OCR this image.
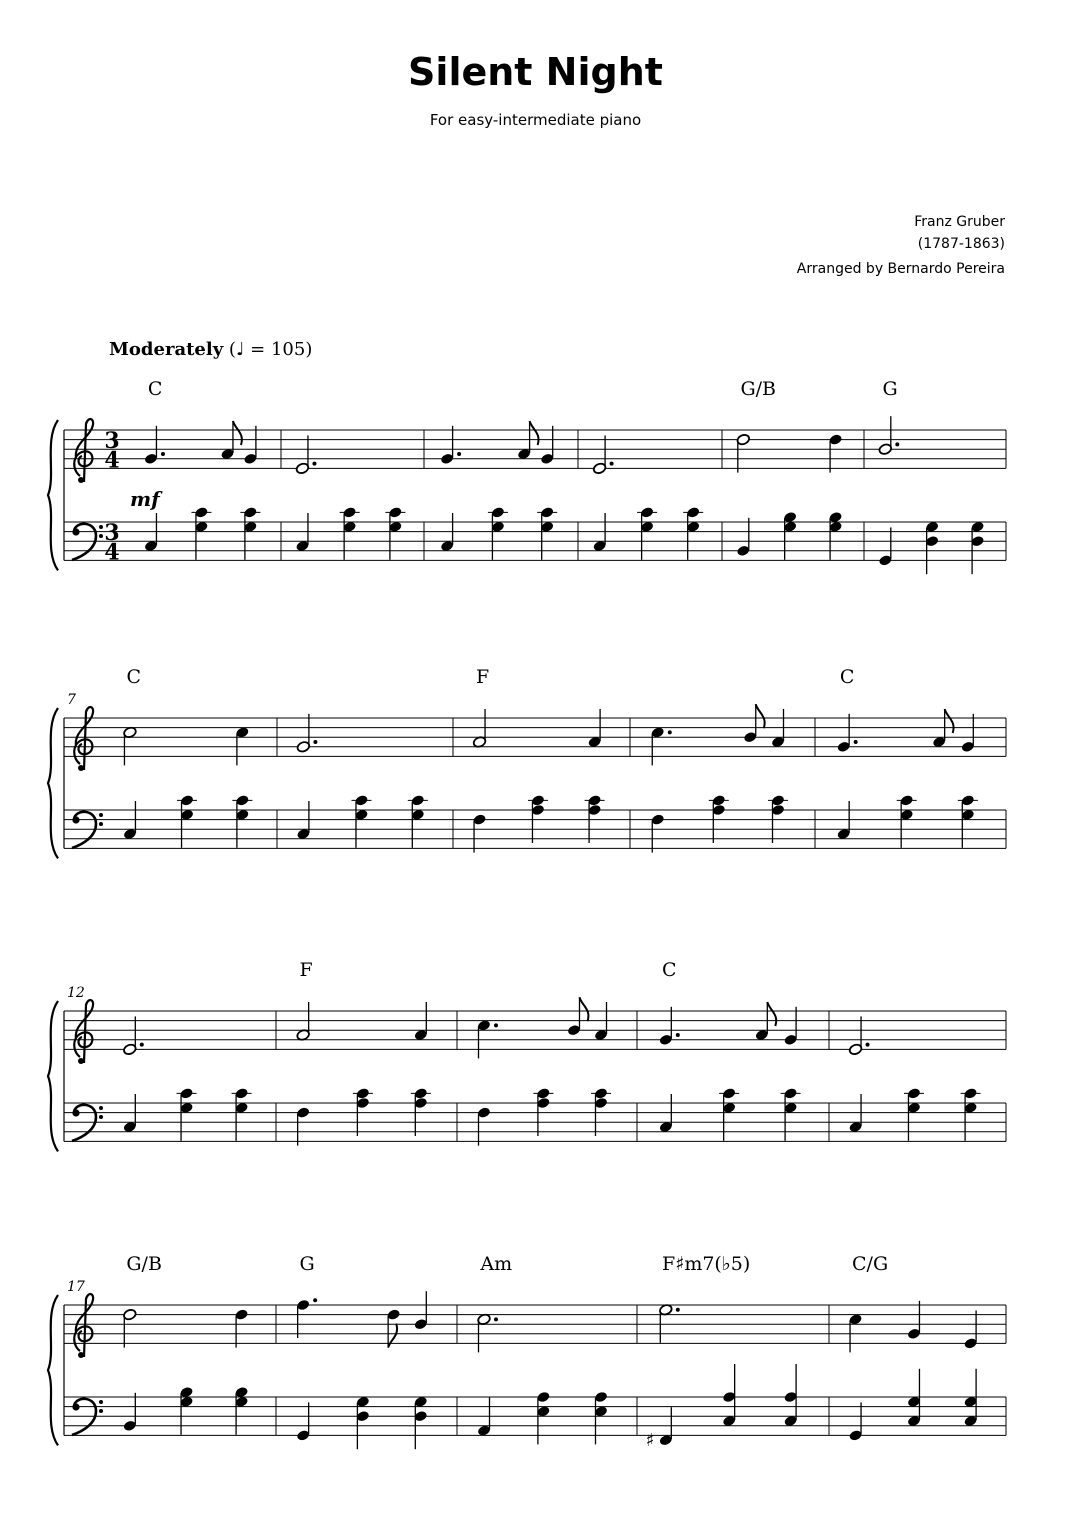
Silent Night
For easy-intermediate piano
Franz Gruber
(1787-1863)
Arranged by Bernardo Pereira
Moderately (♩ = 105)
3
4
3
4
mf
C	G/B	G
7
C	F	C
12
F	C
17
G/B	G	Am
♯
F♯m7(♭5)	C/G
